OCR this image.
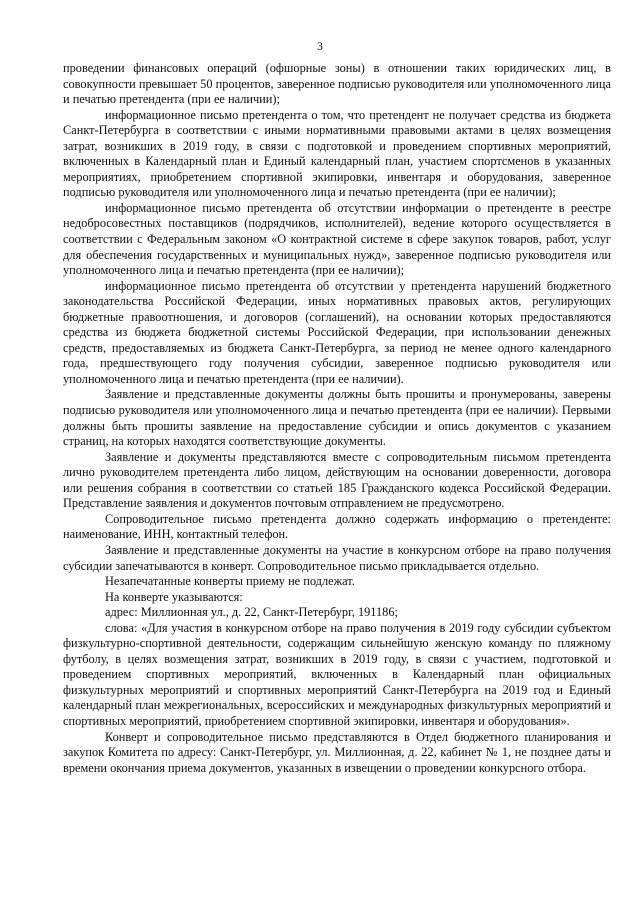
3

проведении финансовых операций (офшорные зоны) в отношении таких юридических лиц, в совокупности превышает 50 процентов, заверенное подписью руководителя или уполномоченного лица и печатью претендента (при ее наличии);

информационное письмо претендента о том, что претендент не получает средства из бюджета Санкт-Петербурга в соответствии с иными нормативными правовыми актами в целях возмещения затрат, возникших в 2019 году, в связи с подготовкой и проведением спортивных мероприятий, включенных в Календарный план и Единый календарный план, участием спортсменов в указанных мероприятиях, приобретением спортивной экипировки, инвентаря и оборудования, заверенное подписью руководителя или уполномоченного лица и печатью претендента (при ее наличии);

информационное письмо претендента об отсутствии информации о претенденте в реестре недобросовестных поставщиков (подрядчиков, исполнителей), ведение которого осуществляется в соответствии с Федеральным законом «О контрактной системе в сфере закупок товаров, работ, услуг для обеспечения государственных и муниципальных нужд», заверенное подписью руководителя или уполномоченного лица и печатью претендента (при ее наличии);

информационное письмо претендента об отсутствии у претендента нарушений бюджетного законодательства Российской Федерации, иных нормативных правовых актов, регулирующих бюджетные правоотношения, и договоров (соглашений), на основании которых предоставляются средства из бюджета бюджетной системы Российской Федерации, при использовании денежных средств, предоставляемых из бюджета Санкт-Петербурга, за период не менее одного календарного года, предшествующего году получения субсидии, заверенное подписью руководителя или уполномоченного лица и печатью претендента (при ее наличии).

Заявление и представленные документы должны быть прошиты и пронумерованы, заверены подписью руководителя или уполномоченного лица и печатью претендента (при ее наличии). Первыми должны быть прошиты заявление на предоставление субсидии и опись документов с указанием страниц, на которых находятся соответствующие документы.

Заявление и документы представляются вместе с сопроводительным письмом претендента лично руководителем претендента либо лицом, действующим на основании доверенности, договора или решения собрания в соответствии со статьей 185 Гражданского кодекса Российской Федерации. Представление заявления и документов почтовым отправлением не предусмотрено.

Сопроводительное письмо претендента должно содержать информацию о претенденте: наименование, ИНН, контактный телефон.

Заявление и представленные документы на участие в конкурсном отборе на право получения субсидии запечатываются в конверт. Сопроводительное письмо прикладывается отдельно.

Незапечатанные конверты приему не подлежат.

На конверте указываются:

адрес: Миллионная ул., д. 22, Санкт-Петербург, 191186;

слова: «Для участия в конкурсном отборе на право получения в 2019 году субсидии субъектом физкультурно-спортивной деятельности, содержащим сильнейшую женскую команду по пляжному футболу, в целях возмещения затрат, возникших в 2019 году, в связи с участием, подготовкой и проведением спортивных мероприятий, включенных в Календарный план официальных физкультурных мероприятий и спортивных мероприятий Санкт-Петербурга на 2019 год и Единый календарный план межрегиональных, всероссийских и международных физкультурных мероприятий и спортивных мероприятий, приобретением спортивной экипировки, инвентаря и оборудования».

Конверт и сопроводительное письмо представляются в Отдел бюджетного планирования и закупок Комитета по адресу: Санкт-Петербург, ул. Миллионная, д. 22, кабинет № 1, не позднее даты и времени окончания приема документов, указанных в извещении о проведении конкурсного отбора.
